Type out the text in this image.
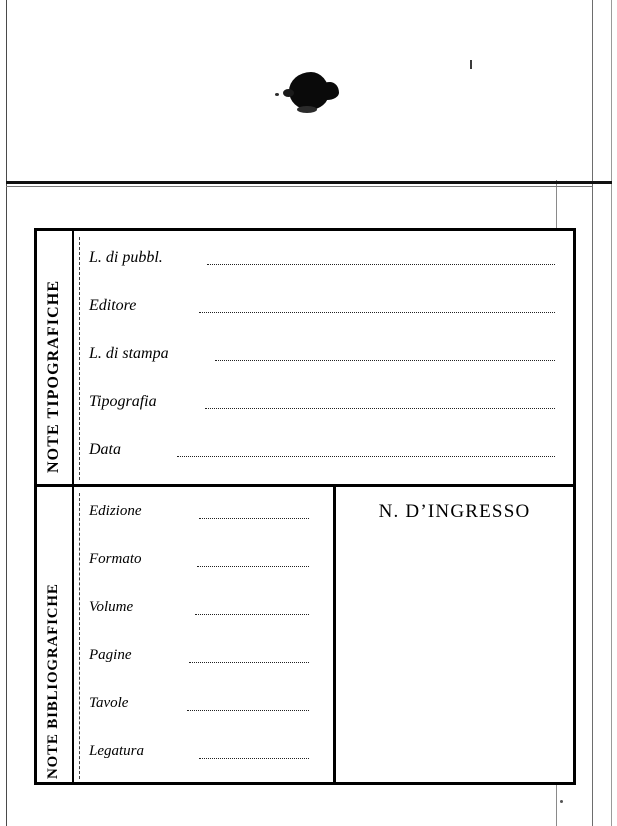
NOTE TIPOGRAFICHE
NOTE BIBLIOGRAFICHE
L. di pubbl.
Editore
L. di stampa
Tipografia
Data
Edizione
Formato
Volume
Pagine
Tavole
Legatura
N. D’INGRESSO
